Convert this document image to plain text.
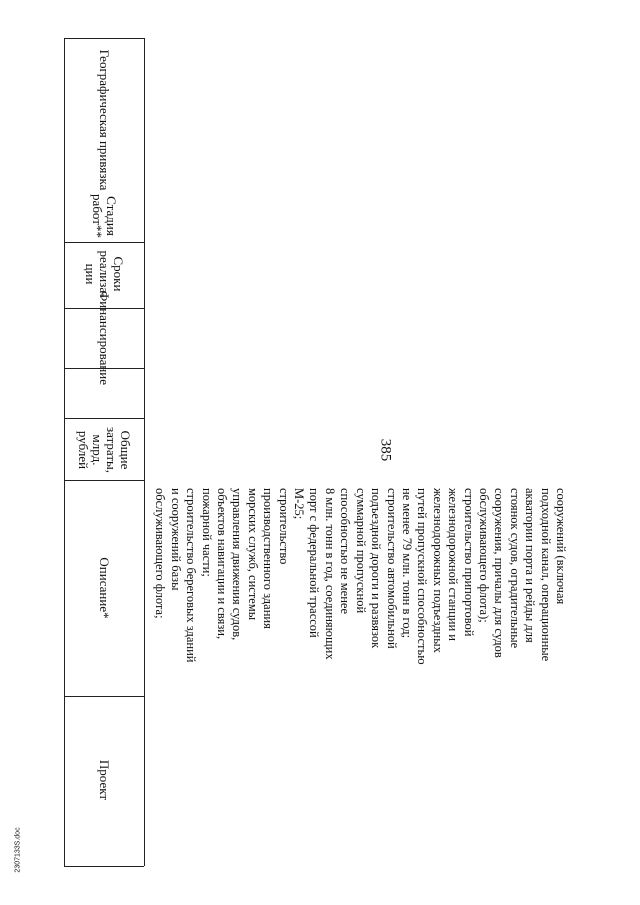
385
Географическая привязка
Стадия работ**
Сроки реализа-ции
Финансирование
Общие затраты, млрд. рублей
Описание*
Проект
сооружений (включая
подходной канал, операционные
акватории порта и рейды для
стоянок судов, оградительные
сооружения, причалы для судов
обслуживающего флота);
строительство припортовой
железнодорожной станции и
железнодорожных подъездных
путей пропускной способностью
не менее 79 млн. тонн в год;
строительство автомобильной
подъездной дороги и развязок
суммарной пропускной
способностью не менее
8 млн. тонн в год, соединяющих
порт с федеральной трассой
М-25;
строительство
производственного здания
морских служб, системы
управления движения судов,
объектов навигации и связи,
пожарной части;
строительство береговых зданий
и сооружений базы
обслуживающего флота;
2307133S.doc
